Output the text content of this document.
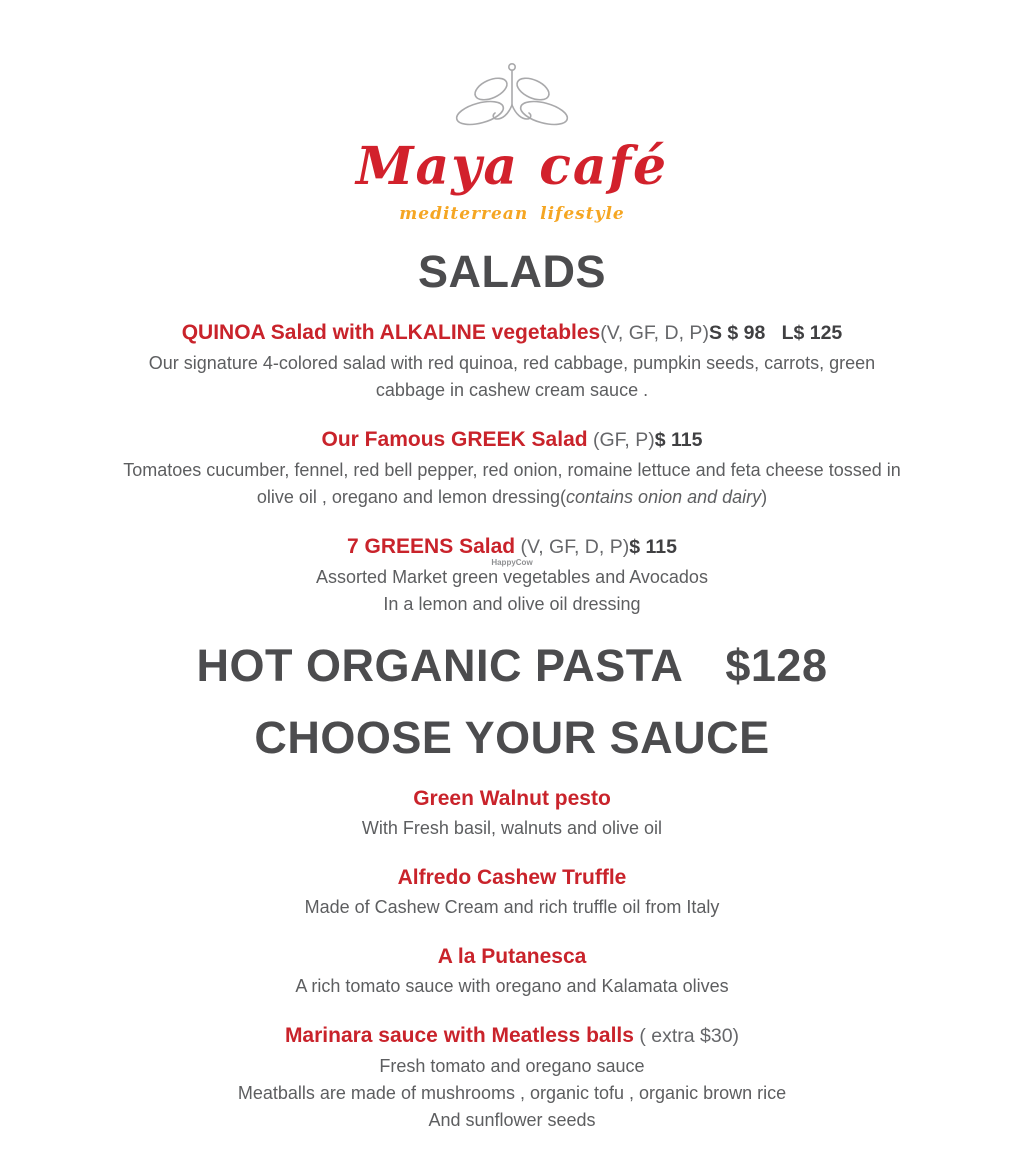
Maya café
mediterrean lifestyle
SALADS
QUINOA Salad with ALKALINE vegetables(V, GF, D, P)S $ 98   L$ 125
Our signature 4-colored salad with red quinoa, red cabbage, pumpkin seeds, carrots, green
cabbage in cashew cream sauce .
Our Famous GREEK Salad (GF, P)$ 115
Tomatoes cucumber, fennel, red bell pepper, red onion, romaine lettuce and feta cheese tossed in
olive oil , oregano and lemon dressing(contains onion and dairy)
7 GREENS Salad (V, GF, D, P)$ 115
Assorted Market green vegetables and Avocados
HappyCow
In a lemon and olive oil dressing
HOT ORGANIC PASTA $128
CHOOSE YOUR SAUCE
Green Walnut pesto
With Fresh basil, walnuts and olive oil
Alfredo Cashew Truffle
Made of Cashew Cream and rich truffle oil from Italy
A la Putanesca
A rich tomato sauce with oregano and Kalamata olives
Marinara sauce with Meatless balls ( extra $30)
Fresh tomato and oregano sauce
Meatballs are made of mushrooms , organic tofu , organic brown rice
And sunflower seeds
